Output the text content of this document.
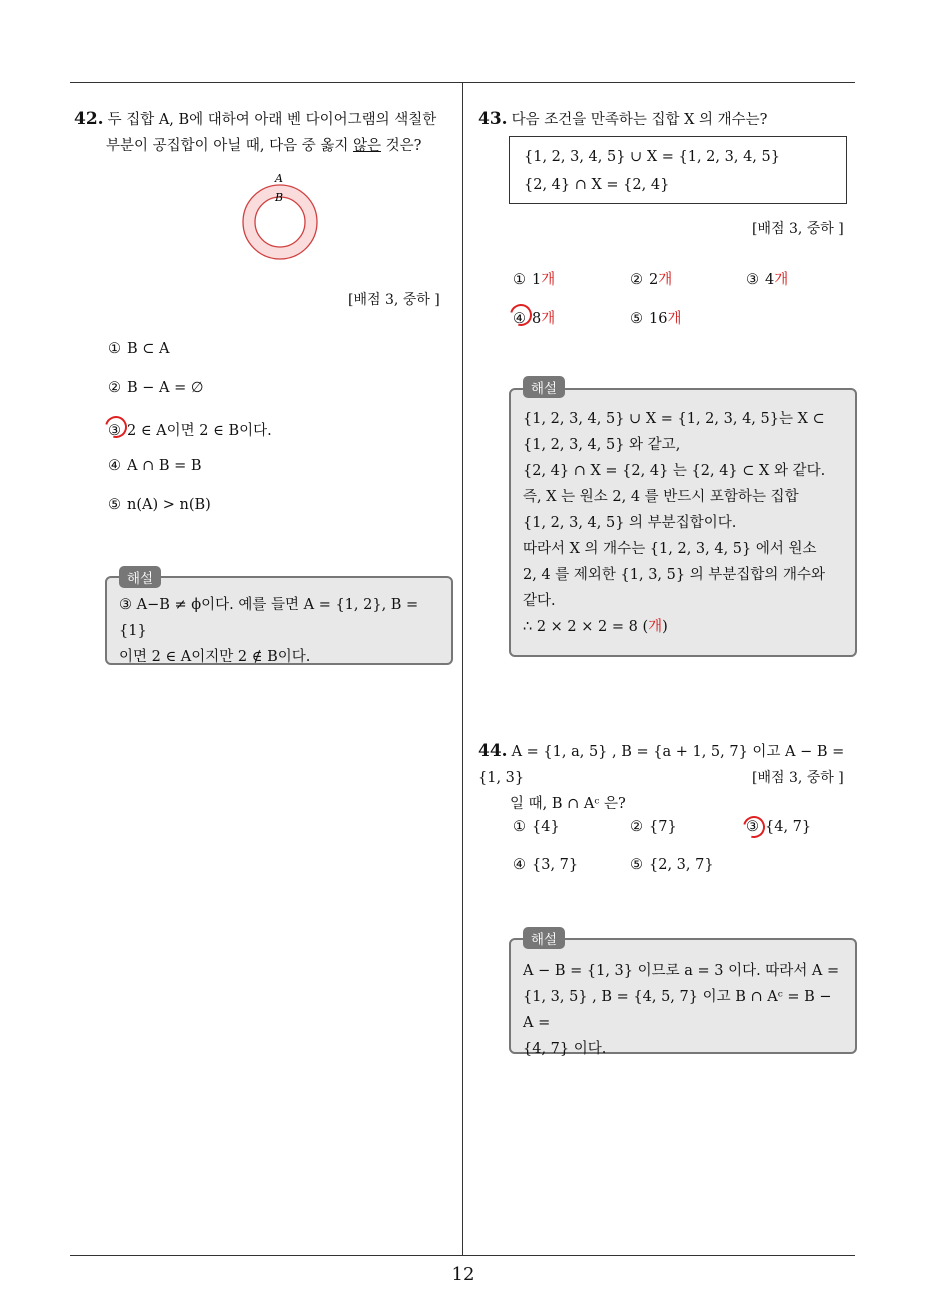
12
42. 두 집합 A, B에 대하여 아래 벤 다이어그램의 색칠한
부분이 공집합이 아닐 때, 다음 중 옳지 않은 것은?
A
B
[배점 3, 중하 ]
① B ⊂ A
② B − A = ∅
③ 2 ∈ A이면 2 ∈ B이다.
④ A ∩ B = B
⑤ n(A) > n(B)
③ A−B ≠ ϕ이다. 예를 들면 A = {1, 2}, B = {1}
이면 2 ∈ A이지만 2 ∉ B이다.
해설
43. 다음 조건을 만족하는 집합 X 의 개수는?
{1, 2, 3, 4, 5} ∪ X = {1, 2, 3, 4, 5}
{2, 4} ∩ X = {2, 4}
[배점 3, 중하 ]
① 1개	② 2개	③ 4개
④ 8개	⑤ 16개
{1, 2, 3, 4, 5} ∪ X = {1, 2, 3, 4, 5}는 X ⊂
{1, 2, 3, 4, 5} 와 같고,
{2, 4} ∩ X = {2, 4} 는 {2, 4} ⊂ X 와 같다.
즉, X 는 원소 2, 4 를 반드시 포함하는 집합
{1, 2, 3, 4, 5} 의 부분집합이다.
따라서 X 의 개수는 {1, 2, 3, 4, 5} 에서 원소
2, 4 를 제외한 {1, 3, 5} 의 부분집합의 개수와
같다.
∴ 2 × 2 × 2 = 8 (개)
해설
44. A = {1, a, 5} , B = {a + 1, 5, 7} 이고 A − B = {1, 3}
일 때, B ∩ Aᶜ 은?
[배점 3, 중하 ]
① {4}	② {7}	③ {4, 7}
④ {3, 7}	⑤ {2, 3, 7}
A − B = {1, 3} 이므로 a = 3 이다. 따라서 A =
{1, 3, 5} , B = {4, 5, 7} 이고 B ∩ Aᶜ = B − A =
{4, 7} 이다.
해설
